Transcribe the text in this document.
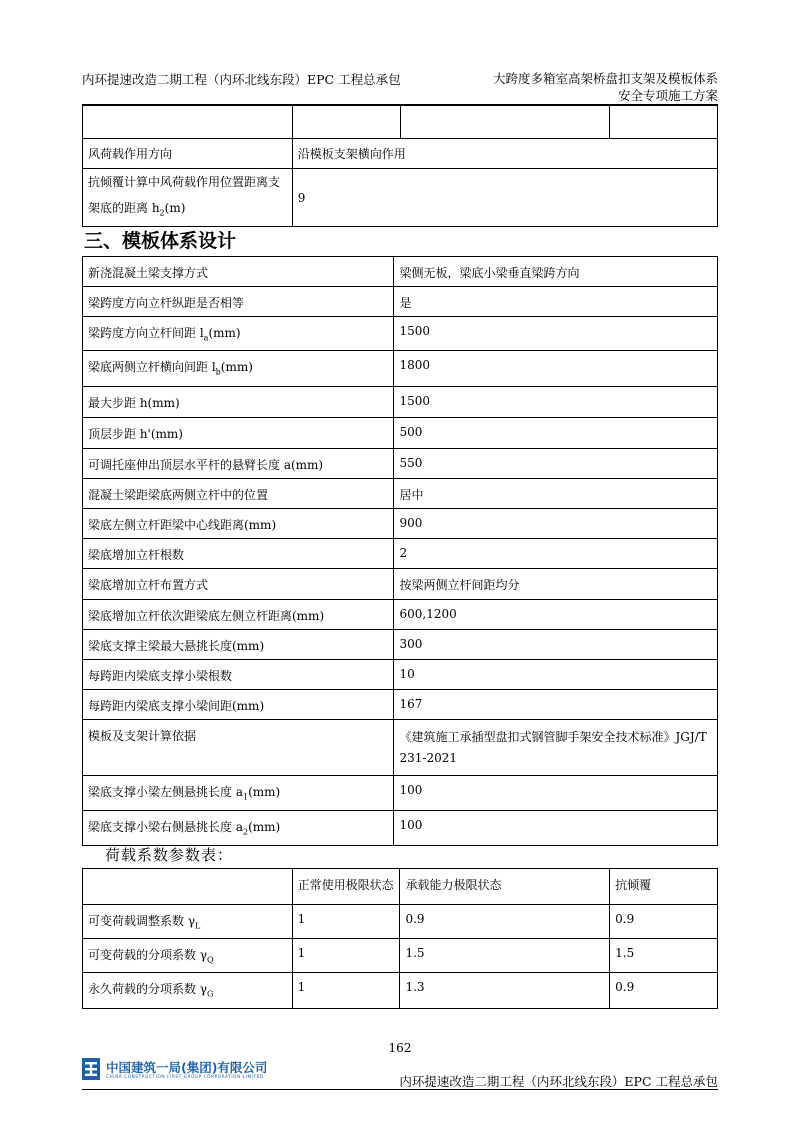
内环提速改造二期工程（内环北线东段）EPC 工程总承包	大跨度多箱室高架桥盘扣支架及模板体系
安全专项施工方案

风荷载作用方向	沿模板支架横向作用		
抗倾覆计算中风荷载作用位置距离支架底的距离 $h_2(m)$	9		
三、模板体系设计
新浇混凝土梁支撑方式	梁侧无板，梁底小梁垂直梁跨方向
梁跨度方向立杆纵距是否相等	是
梁跨度方向立杆间距 $l_a(mm)$	1500
梁底两侧立杆横向间距 $l_b(mm)$	1800
最大步距 h(mm)	1500
顶层步距 h'(mm)	500
可调托座伸出顶层水平杆的悬臂长度 a(mm)	550
混凝土梁距梁底两侧立杆中的位置	居中
梁底左侧立杆距梁中心线距离(mm)	900
梁底增加立杆根数	2
梁底增加立杆布置方式	按梁两侧立杆间距均分
梁底增加立杆依次距梁底左侧立杆距离(mm)	600,1200
梁底支撑主梁最大悬挑长度(mm)	300
每跨距内梁底支撑小梁根数	10
每跨距内梁底支撑小梁间距(mm)	167
模板及支架计算依据	《建筑施工承插型盘扣式钢管脚手架安全技术标准》JGJ/T 231-2021
梁底支撑小梁左侧悬挑长度 $a_1(mm)$	100
梁底支撑小梁右侧悬挑长度 $a_2(mm)$	100
荷载系数参数表：
	正常使用极限状态	承载能力极限状态	抗倾覆
可变荷载调整系数 $\gamma_L$	1	0.9	0.9
可变荷载的分项系数 $\gamma_Q$	1	1.5	1.5
永久荷载的分项系数 $\gamma_G$	1	1.3	0.9
162
中国建筑一局(集团)有限公司
CHINA CONSTRUCTION FIRST GROUP CORPORATION LIMITED	内环提速改造二期工程（内环北线东段）EPC 工程总承包
